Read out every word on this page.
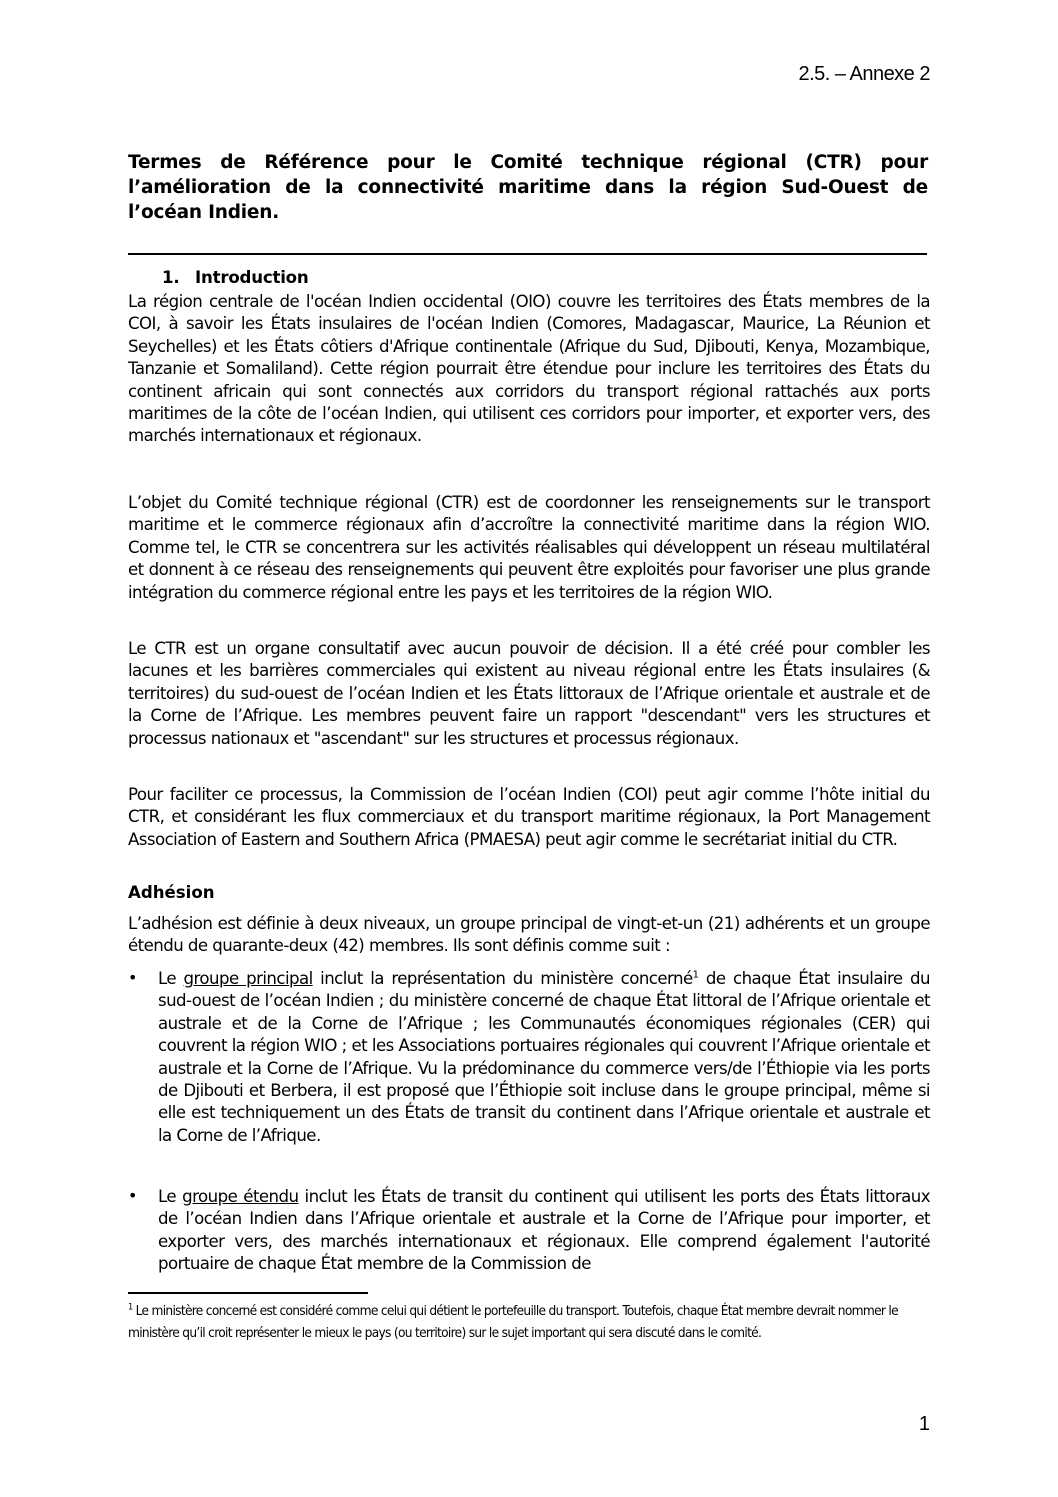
2.5. – Annexe 2
Termes de Référence pour le Comité technique régional (CTR) pour l’amélioration de la connectivité maritime dans la région Sud-Ouest de l’océan Indien.
1. Introduction

La région centrale de l'océan Indien occidental (OIO) couvre les territoires des États membres de la COI, à savoir les États insulaires de l'océan Indien (Comores, Madagascar, Maurice, La Réunion et Seychelles) et les États côtiers d'Afrique continentale (Afrique du Sud, Djibouti, Kenya, Mozambique, Tanzanie et Somaliland). Cette région pourrait être étendue pour inclure les territoires des États du continent africain qui sont connectés aux corridors du transport régional rattachés aux ports maritimes de la côte de l’océan Indien, qui utilisent ces corridors pour importer, et exporter vers, des marchés internationaux et régionaux.

L’objet du Comité technique régional (CTR) est de coordonner les renseignements sur le transport maritime et le commerce régionaux afin d’accroître la connectivité maritime dans la région WIO. Comme tel, le CTR se concentrera sur les activités réalisables qui développent un réseau multilatéral et donnent à ce réseau des renseignements qui peuvent être exploités pour favoriser une plus grande intégration du commerce régional entre les pays et les territoires de la région WIO.

Le CTR est un organe consultatif avec aucun pouvoir de décision. Il a été créé pour combler les lacunes et les barrières commerciales qui existent au niveau régional entre les États insulaires (& territoires) du sud-ouest de l’océan Indien et les États littoraux de l’Afrique orientale et australe et de la Corne de l’Afrique. Les membres peuvent faire un rapport "descendant" vers les structures et processus nationaux et "ascendant" sur les structures et processus régionaux.

Pour faciliter ce processus, la Commission de l’océan Indien (COI) peut agir comme l’hôte initial du CTR, et considérant les flux commerciaux et du transport maritime régionaux, la Port Management Association of Eastern and Southern Africa (PMAESA) peut agir comme le secrétariat initial du CTR.

Adhésion

L’adhésion est définie à deux niveaux, un groupe principal de vingt-et-un (21) adhérents et un groupe étendu de quarante-deux (42) membres. Ils sont définis comme suit :

• Le groupe principal inclut la représentation du ministère concerné$^1$ de chaque État insulaire du sud-ouest de l’océan Indien ; du ministère concerné de chaque État littoral de l’Afrique orientale et australe et de la Corne de l’Afrique ; les Communautés économiques régionales (CER) qui couvrent la région WIO ; et les Associations portuaires régionales qui couvrent l’Afrique orientale et australe et la Corne de l’Afrique. Vu la prédominance du commerce vers/de l’Éthiopie via les ports de Djibouti et Berbera, il est proposé que l’Éthiopie soit incluse dans le groupe principal, même si elle est techniquement un des États de transit du continent dans l’Afrique orientale et australe et la Corne de l’Afrique.
• Le groupe étendu inclut les États de transit du continent qui utilisent les ports des États littoraux de l’océan Indien dans l’Afrique orientale et australe et la Corne de l’Afrique pour importer, et exporter vers, des marchés internationaux et régionaux. Elle comprend également l'autorité portuaire de chaque État membre de la Commission de
$^1$ Le ministère concerné est considéré comme celui qui détient le portefeuille du transport. Toutefois, chaque État membre devrait nommer le ministère qu’il croit représenter le mieux le pays (ou territoire) sur le sujet important qui sera discuté dans le comité.
1
